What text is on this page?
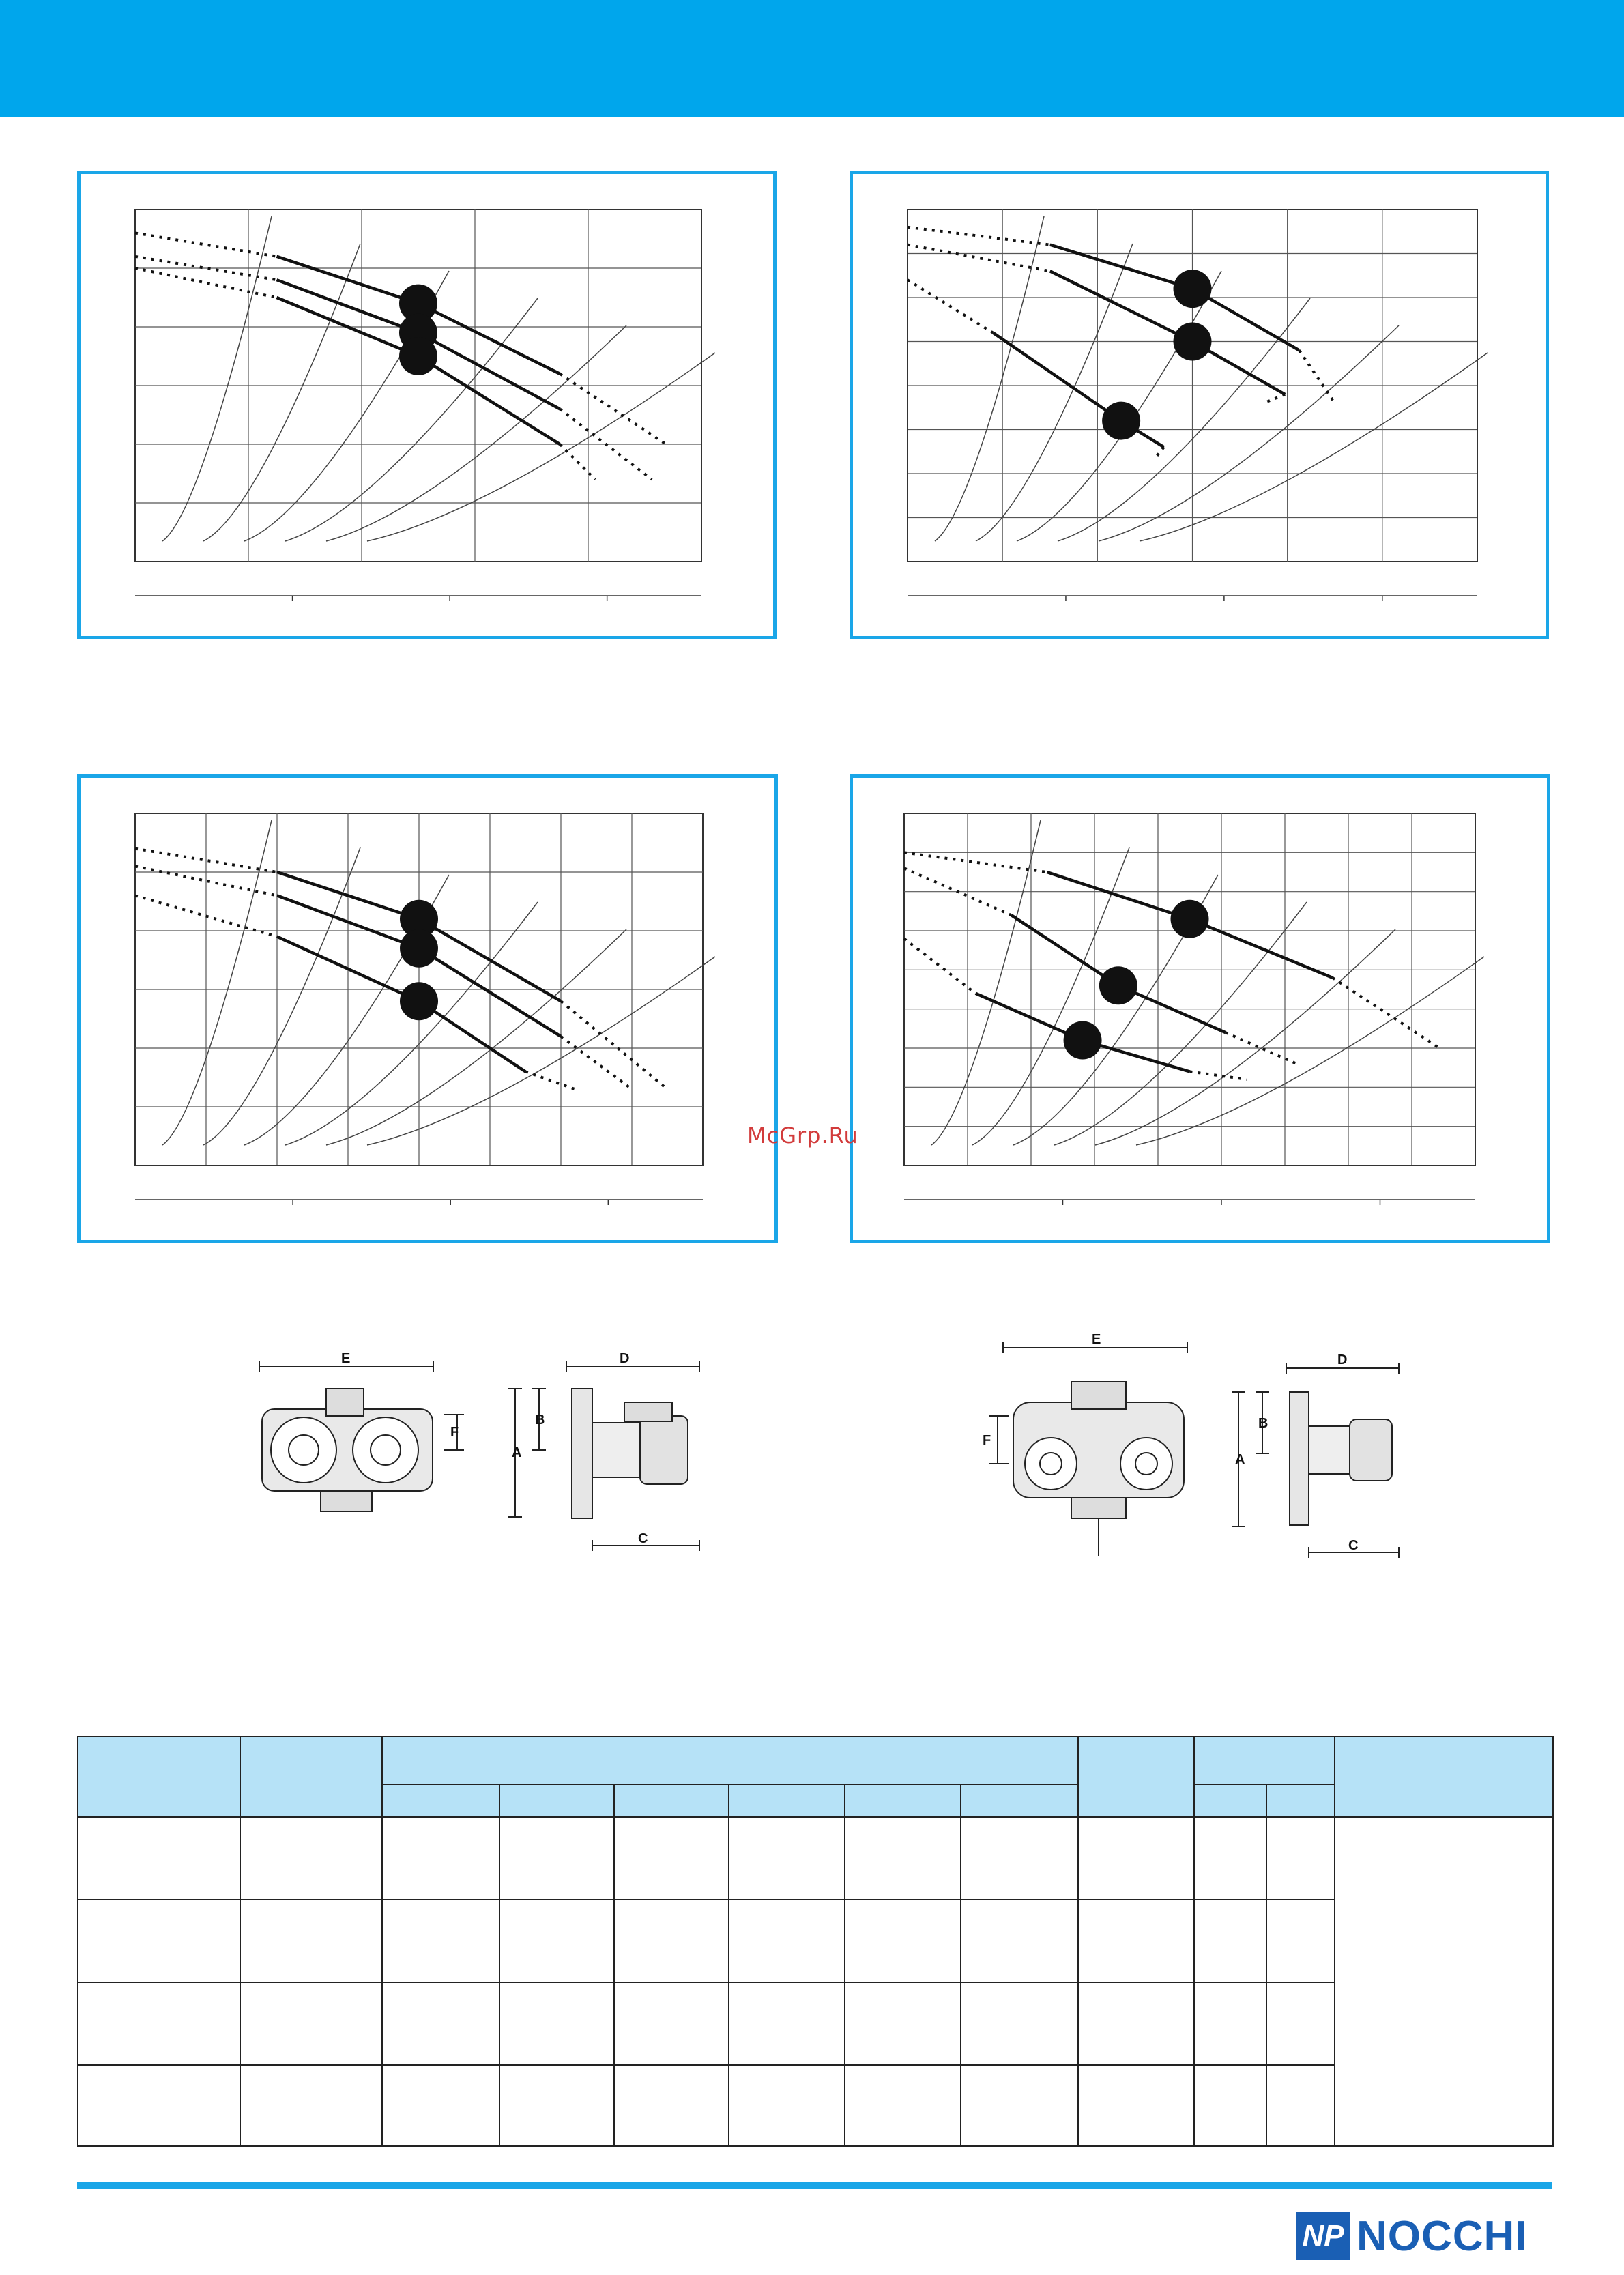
McGrp.Ru
E
F
D
B
A
C
E
F
D
B
A
C

NP NOCCHI
